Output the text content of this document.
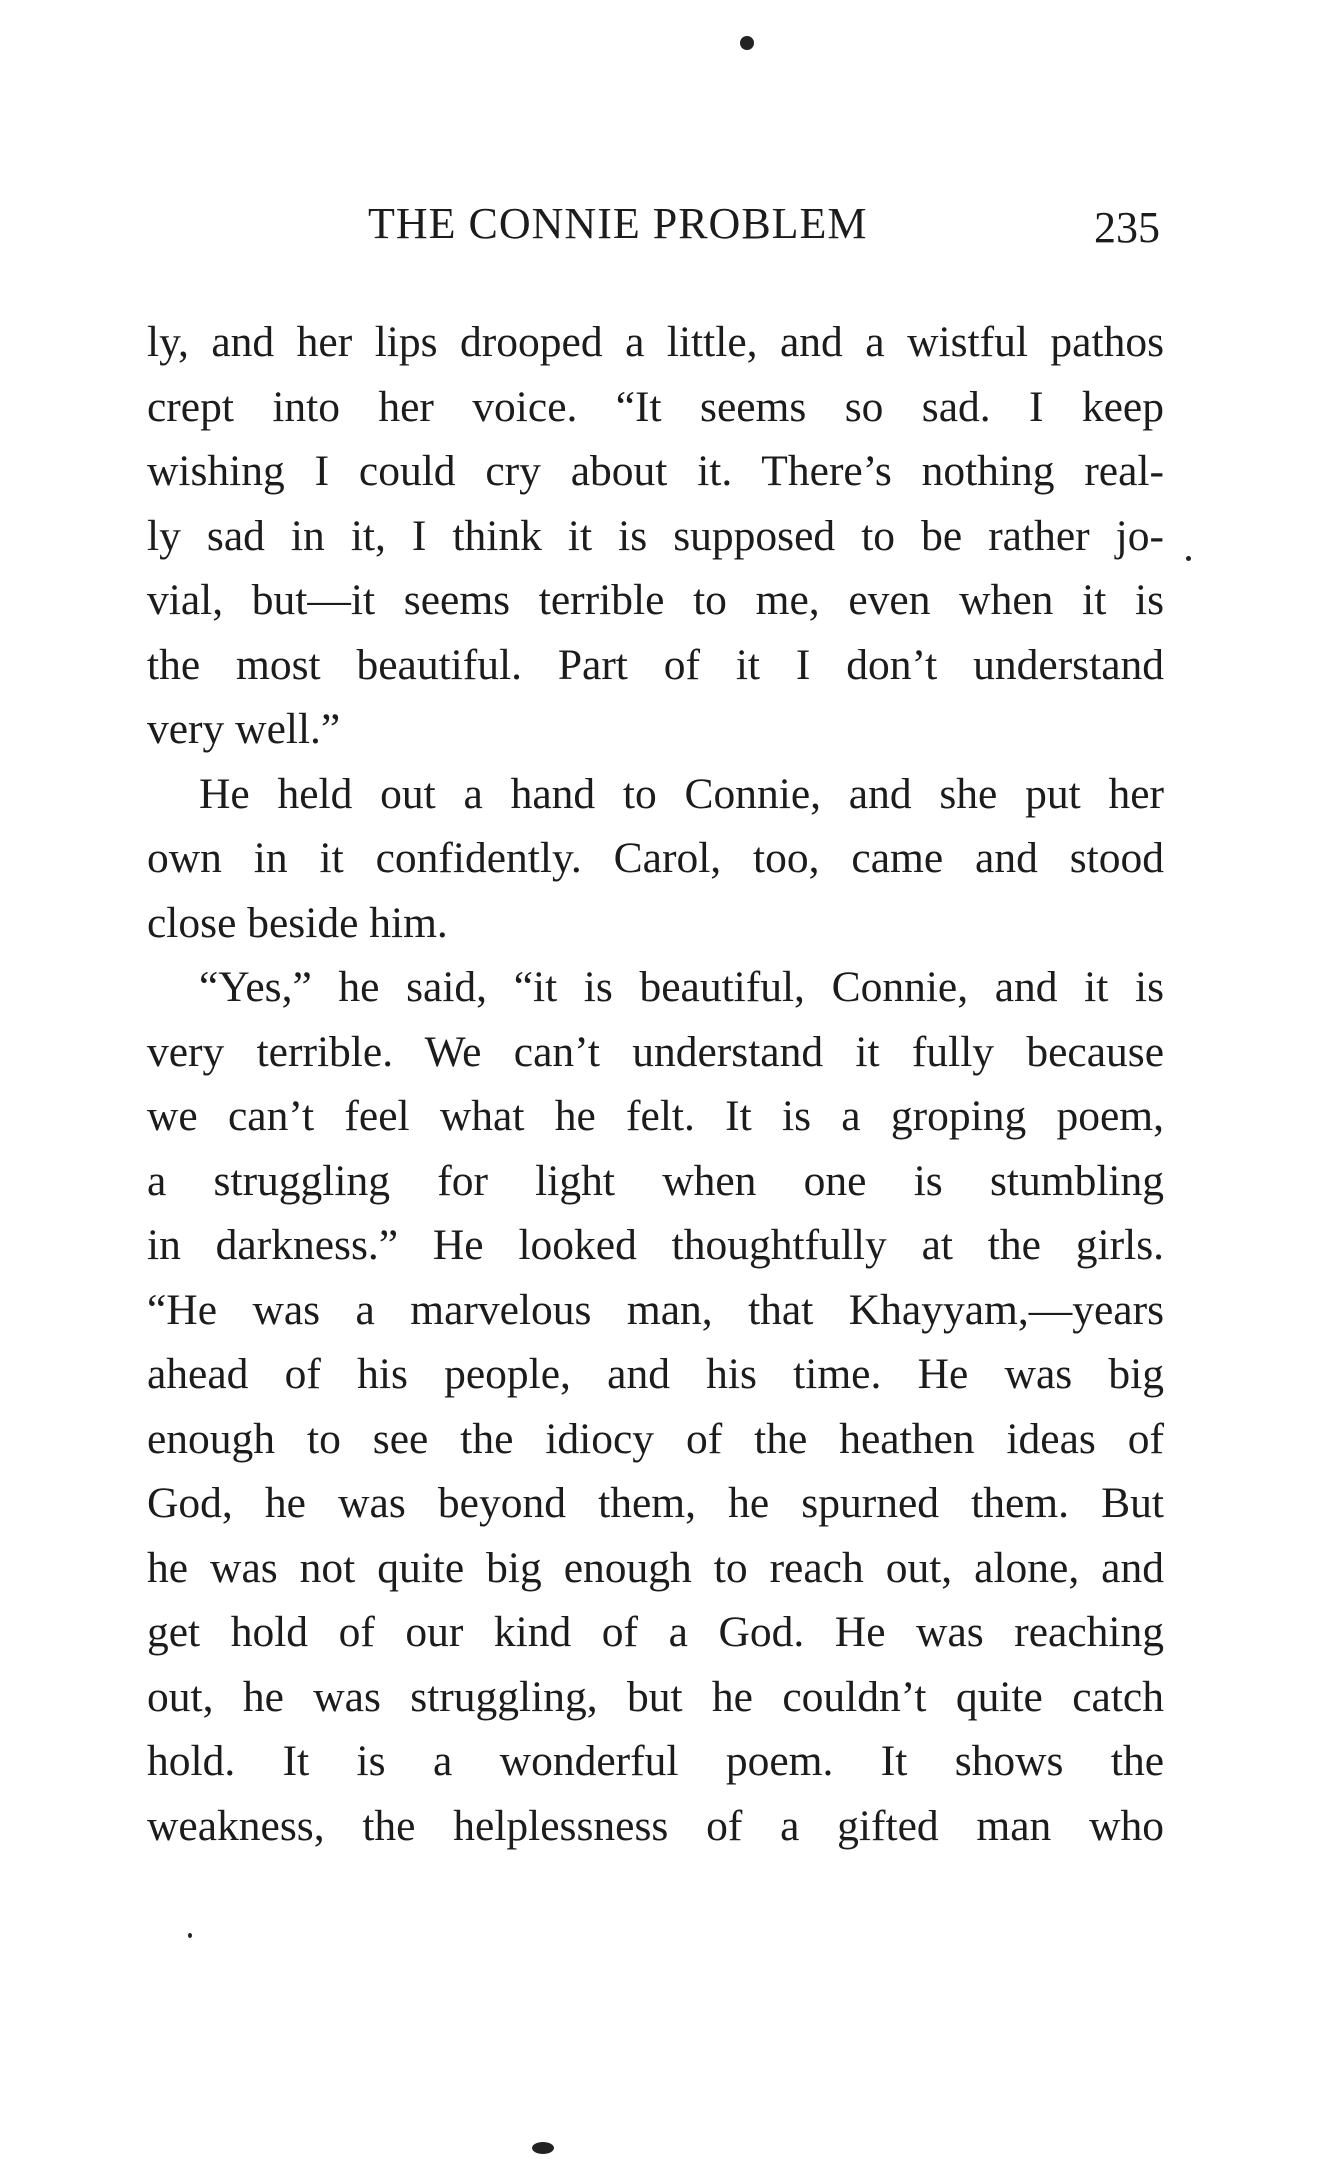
THE CONNIE PROBLEM	235
ly, and her lips drooped a little, and a wistful pathos
crept into her voice. “It seems so sad. I keep
wishing I could cry about it. There’s nothing real-
ly sad in it, I think it is supposed to be rather jo-
vial, but—it seems terrible to me, even when it is
the most beautiful. Part of it I don’t understand
very well.”
He held out a hand to Connie, and she put her
own in it confidently. Carol, too, came and stood
close beside him.
“Yes,” he said, “it is beautiful, Connie, and it is
very terrible. We can’t understand it fully because
we can’t feel what he felt. It is a groping poem,
a struggling for light when one is stumbling
in darkness.” He looked thoughtfully at the girls.
“He was a marvelous man, that Khayyam,—years
ahead of his people, and his time. He was big
enough to see the idiocy of the heathen ideas of
God, he was beyond them, he spurned them. But
he was not quite big enough to reach out, alone, and
get hold of our kind of a God. He was reaching
out, he was struggling, but he couldn’t quite catch
hold. It is a wonderful poem. It shows the
weakness, the helplessness of a gifted man who
